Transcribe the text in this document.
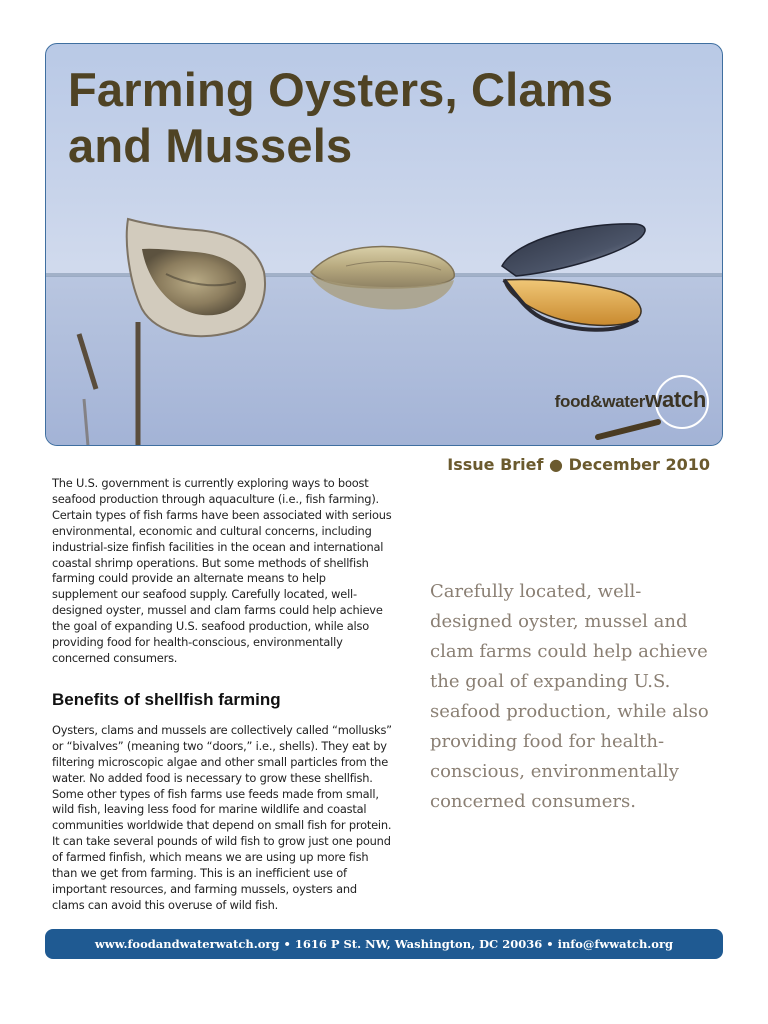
Farming Oysters, Clams and Mussels
food&waterwatch
Issue Brief ● December 2010

The U.S. government is currently exploring ways to boost seafood production through aquaculture (i.e., fish farming). Certain types of fish farms have been associated with serious environmental, economic and cultural concerns, including industrial-size finfish facilities in the ocean and international coastal shrimp operations. But some methods of shellfish farming could provide an alternate means to help supplement our seafood supply. Carefully located, well-designed oyster, mussel and clam farms could help achieve the goal of expanding U.S. seafood production, while also providing food for health-conscious, environmentally concerned consumers.

Benefits of shellfish farming

Oysters, clams and mussels are collectively called “mollusks” or “bivalves” (meaning two “doors,” i.e., shells). They eat by filtering microscopic algae and other small particles from the water. No added food is necessary to grow these shellfish. Some other types of fish farms use feeds made from small, wild fish, leaving less food for marine wildlife and coastal communities worldwide that depend on small fish for protein. It can take several pounds of wild fish to grow just one pound of farmed finfish, which means we are using up more fish than we get from farming. This is an inefficient use of important resources, and farming mussels, oysters and clams can avoid this overuse of wild fish.

Carefully located, well-designed oyster, mussel and clam farms could help achieve the goal of expanding U.S. seafood production, while also providing food for health-conscious, environmentally concerned consumers.
www.foodandwaterwatch.org • 1616 P St. NW, Washington, DC 20036 • info@fwwatch.org
